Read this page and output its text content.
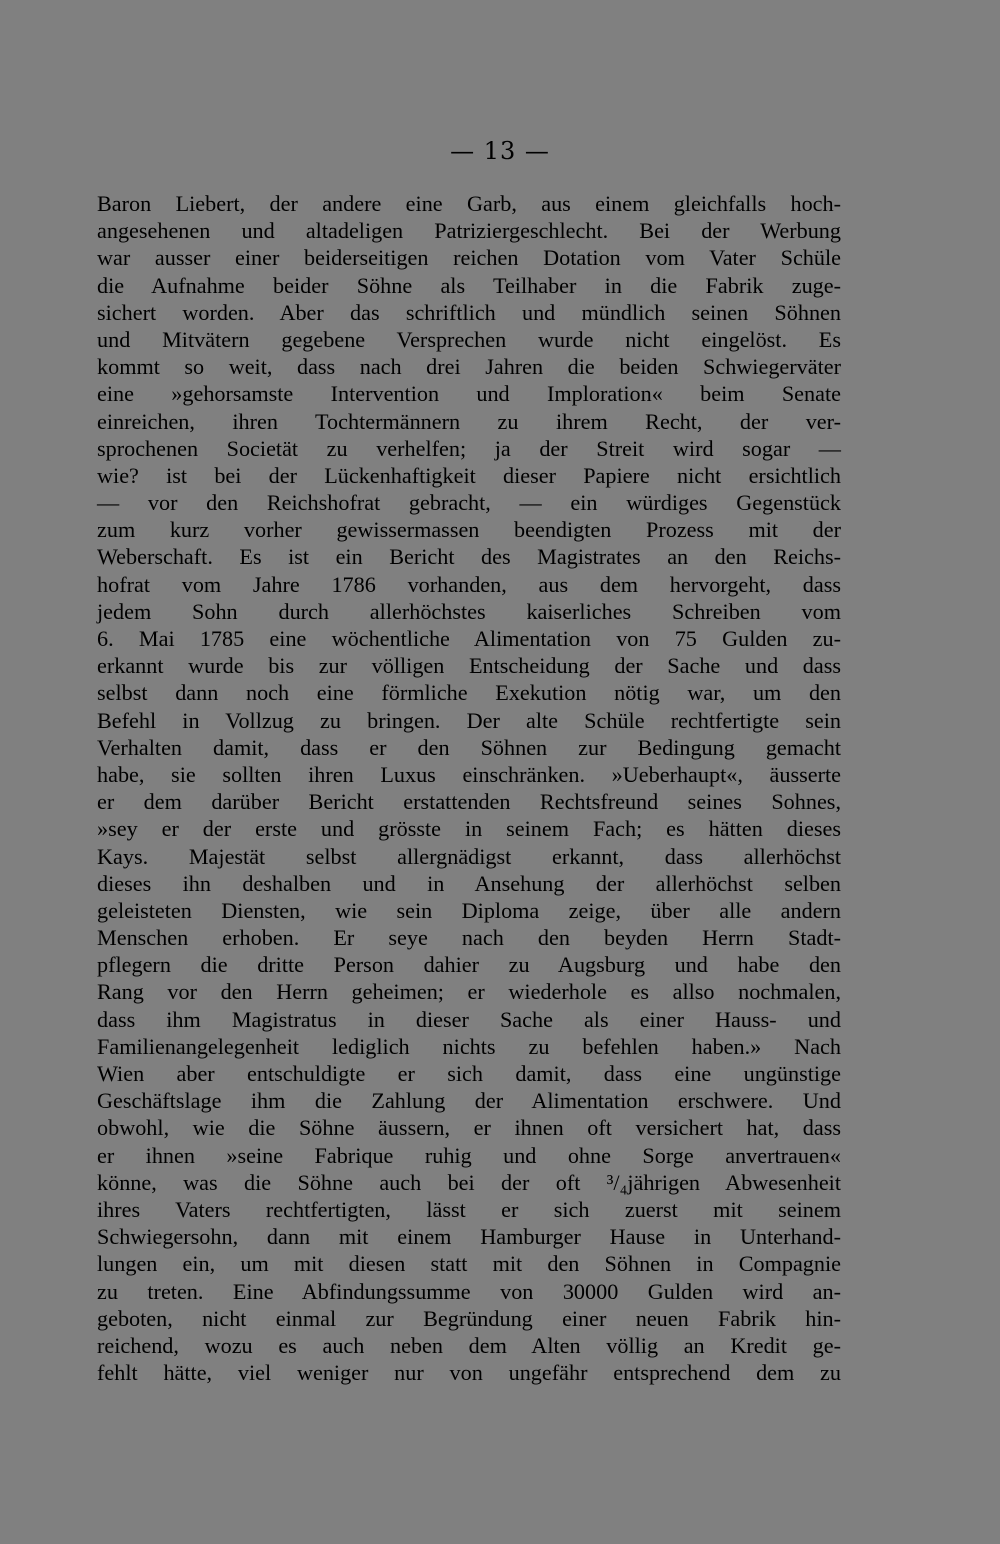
— 13 —
Baron Liebert, der andere eine Garb, aus einem gleichfalls hoch-
angesehenen und altadeligen Patriziergeschlecht. Bei der Werbung
war ausser einer beiderseitigen reichen Dotation vom Vater Schüle
die Aufnahme beider Söhne als Teilhaber in die Fabrik zuge-
sichert worden. Aber das schriftlich und mündlich seinen Söhnen
und Mitvätern gegebene Versprechen wurde nicht eingelöst. Es
kommt so weit, dass nach drei Jahren die beiden Schwiegerväter
eine »gehorsamste Intervention und Imploration« beim Senate
einreichen, ihren Tochtermännern zu ihrem Recht, der ver-
sprochenen Societät zu verhelfen; ja der Streit wird sogar —
wie? ist bei der Lückenhaftigkeit dieser Papiere nicht ersichtlich
— vor den Reichshofrat gebracht, — ein würdiges Gegenstück
zum kurz vorher gewissermassen beendigten Prozess mit der
Weberschaft. Es ist ein Bericht des Magistrates an den Reichs-
hofrat vom Jahre 1786 vorhanden, aus dem hervorgeht, dass
jedem Sohn durch allerhöchstes kaiserliches Schreiben vom
6. Mai 1785 eine wöchentliche Alimentation von 75 Gulden zu-
erkannt wurde bis zur völligen Entscheidung der Sache und dass
selbst dann noch eine förmliche Exekution nötig war, um den
Befehl in Vollzug zu bringen. Der alte Schüle rechtfertigte sein
Verhalten damit, dass er den Söhnen zur Bedingung gemacht
habe, sie sollten ihren Luxus einschränken. »Ueberhaupt«, äusserte
er dem darüber Bericht erstattenden Rechtsfreund seines Sohnes,
»sey er der erste und grösste in seinem Fach; es hätten dieses
Kays. Majestät selbst allergnädigst erkannt, dass allerhöchst
dieses ihn deshalben und in Ansehung der allerhöchst selben
geleisteten Diensten, wie sein Diploma zeige, über alle andern
Menschen erhoben. Er seye nach den beyden Herrn Stadt-
pflegern die dritte Person dahier zu Augsburg und habe den
Rang vor den Herrn geheimen; er wiederhole es allso nochmalen,
dass ihm Magistratus in dieser Sache als einer Hauss- und
Familienangelegenheit lediglich nichts zu befehlen haben.» Nach
Wien aber entschuldigte er sich damit, dass eine ungünstige
Geschäftslage ihm die Zahlung der Alimentation erschwere. Und
obwohl, wie die Söhne äussern, er ihnen oft versichert hat, dass
er ihnen »seine Fabrique ruhig und ohne Sorge anvertrauen«
könne, was die Söhne auch bei der oft ³/₄jährigen Abwesenheit
ihres Vaters rechtfertigten, lässt er sich zuerst mit seinem
Schwiegersohn, dann mit einem Hamburger Hause in Unterhand-
lungen ein, um mit diesen statt mit den Söhnen in Compagnie
zu treten. Eine Abfindungssumme von 30000 Gulden wird an-
geboten, nicht einmal zur Begründung einer neuen Fabrik hin-
reichend, wozu es auch neben dem Alten völlig an Kredit ge-
fehlt hätte, viel weniger nur von ungefähr entsprechend dem zu
